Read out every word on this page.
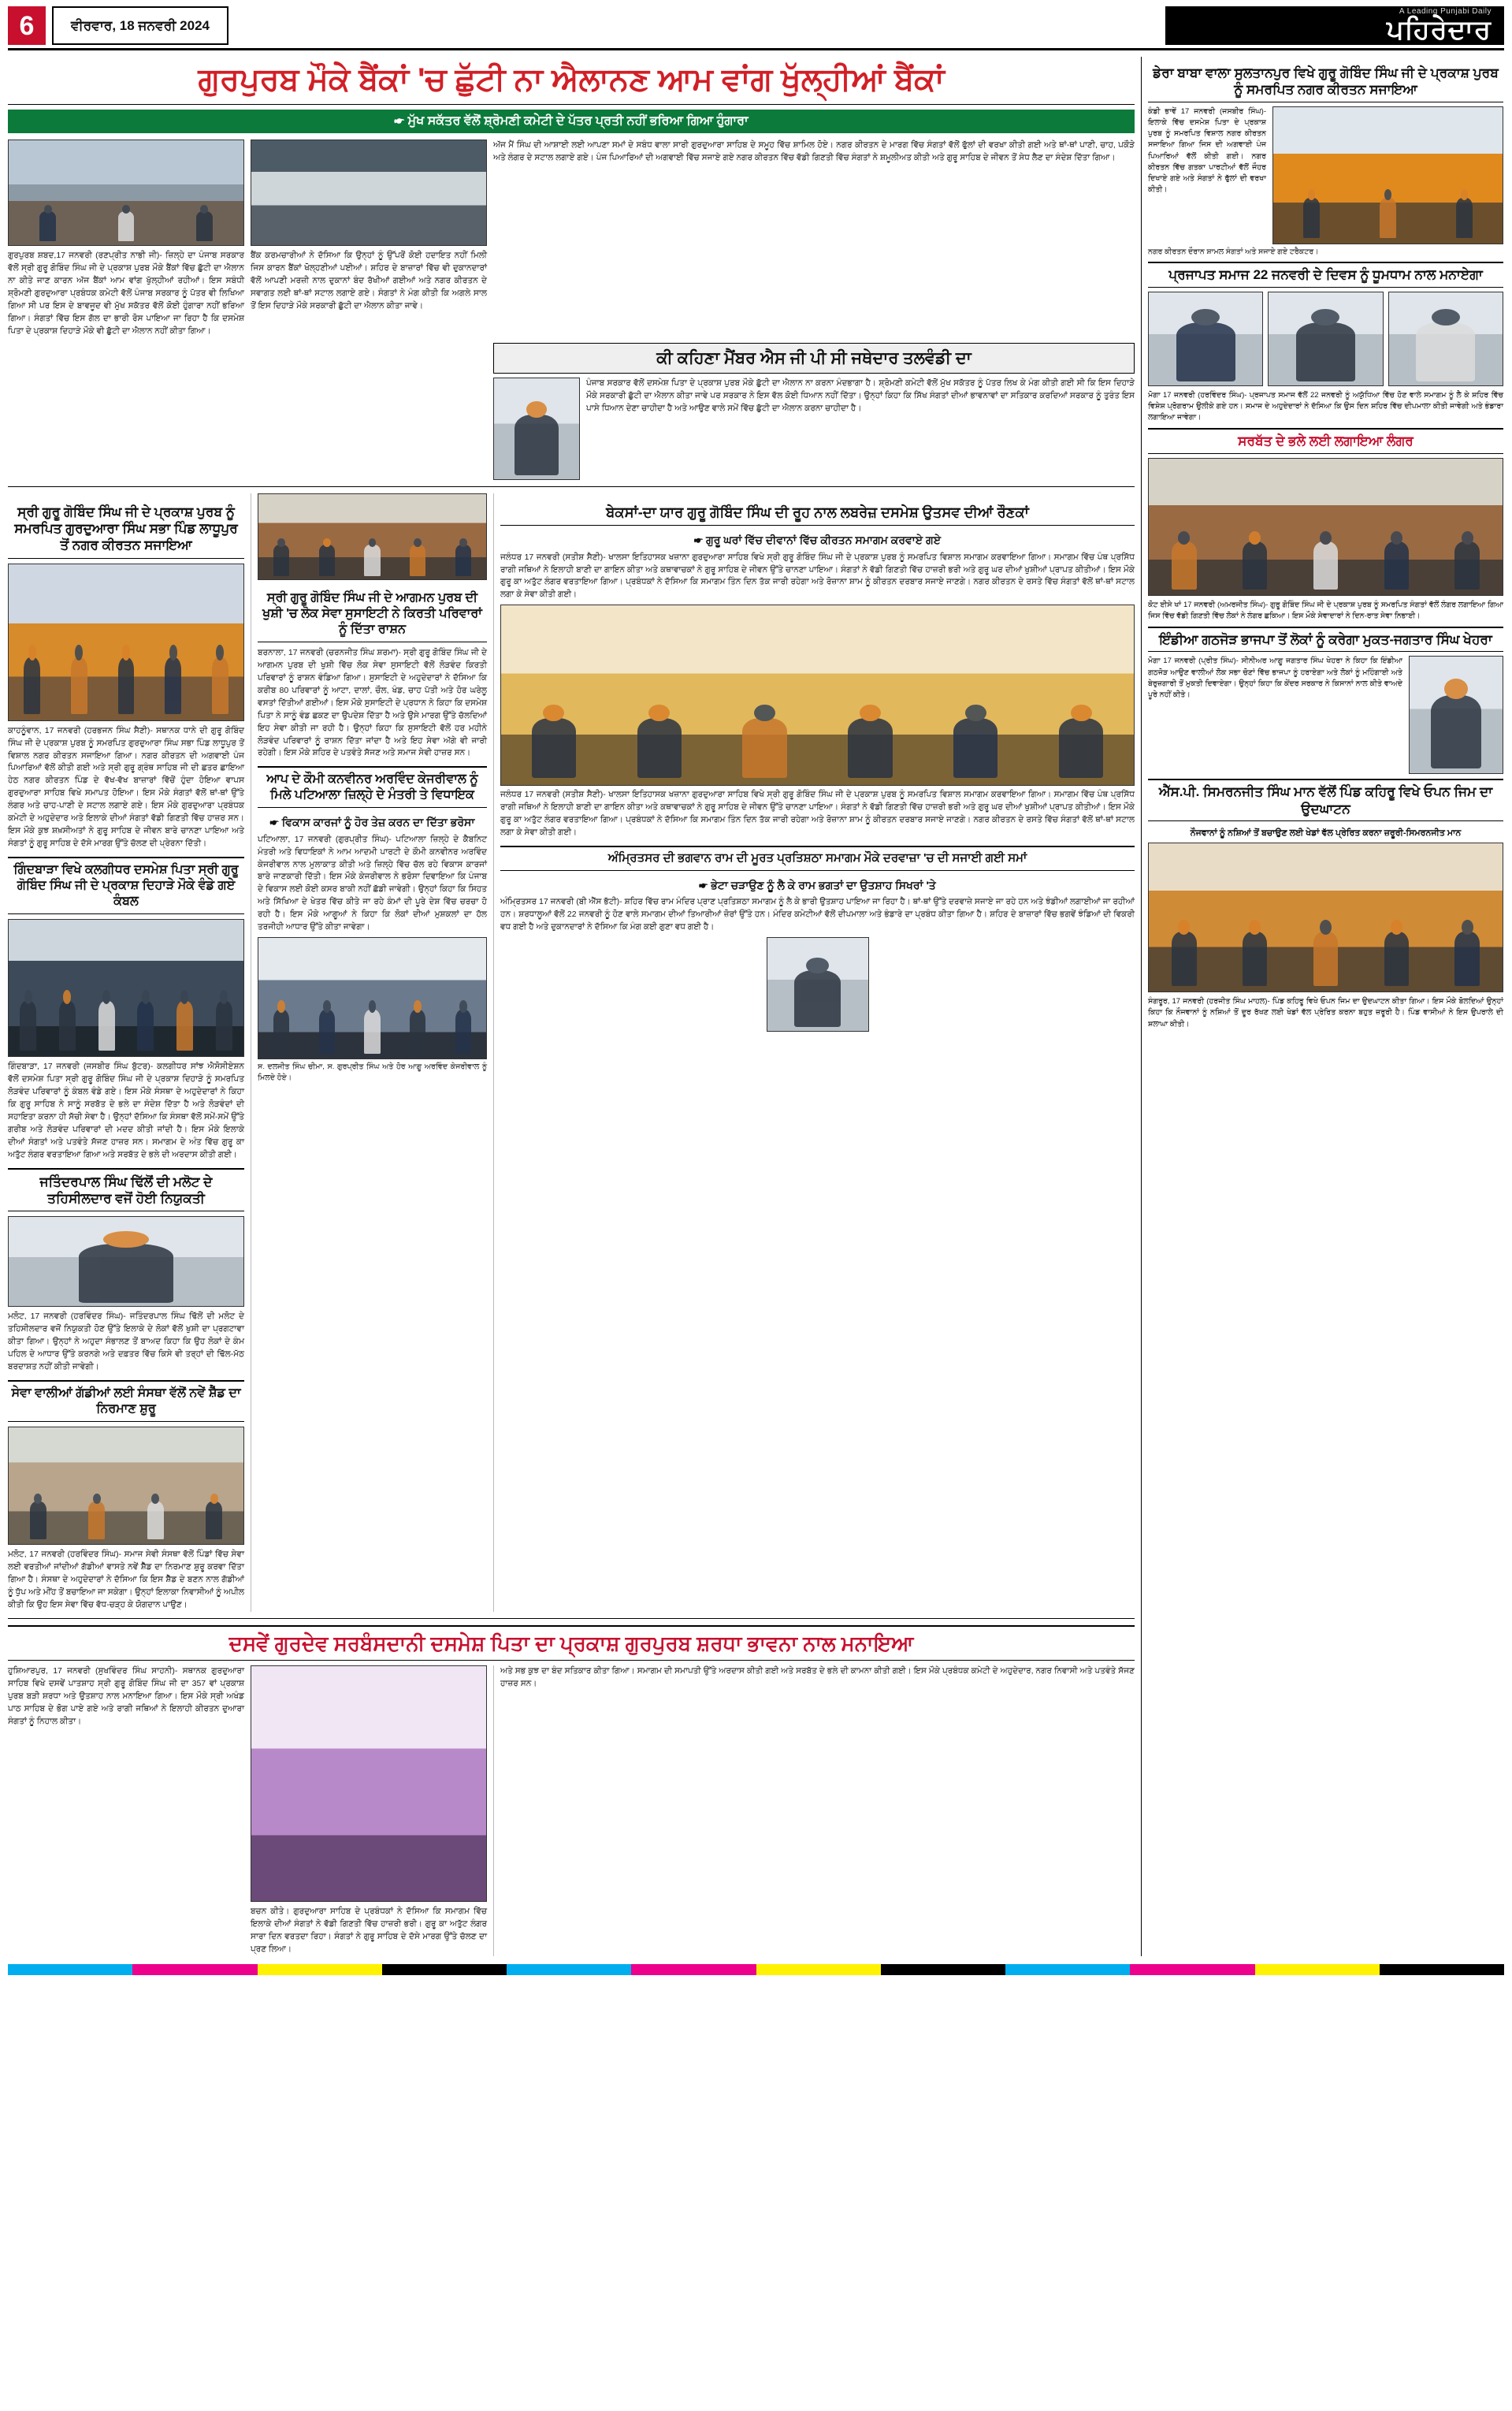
6	ਵੀਰਵਾਰ, 18 ਜਨਵਰੀ 2024
A Leading Punjabi Daily
ਪਹਿਰੇਦਾਰ
ਗੁਰਪੁਰਬ ਮੌਕੇ ਬੈਂਕਾਂ 'ਚ ਛੁੱਟੀ ਨਾ ਐਲਾਨਣ ਆਮ ਵਾਂਗ ਖੁੱਲ੍ਹੀਆਂ ਬੈਂਕਾਂ
☛ ਮੁੱਖ ਸਕੱਤਰ ਵੱਲੋਂ ਸ਼੍ਰੋਮਣੀ ਕਮੇਟੀ ਦੇ ਪੱਤਰ ਪ੍ਰਤੀ ਨਹੀਂ ਭਰਿਆ ਗਿਆ ਹੁੰਗਾਰਾ
ਗੁਰਪੁਰਬ ਸ਼ਬਦ,17 ਜਨਵਰੀ (ਰਣਪ੍ਰੀਤ ਨਾਭੀ ਜੀ)- ਜ਼ਿਲ੍ਹੇ ਦਾ ਪੰਜਾਬ ਸਰਕਾਰ ਵੱਲੋਂ ਸ੍ਰੀ ਗੁਰੂ ਗੋਬਿੰਦ ਸਿੰਘ ਜੀ ਦੇ ਪ੍ਰਕਾਸ਼ ਪੁਰਬ ਮੌਕੇ ਬੈਂਕਾਂ ਵਿੱਚ ਛੁੱਟੀ ਦਾ ਐਲਾਨ ਨਾ ਕੀਤੇ ਜਾਣ ਕਾਰਨ ਅੱਜ ਬੈਂਕਾਂ ਆਮ ਵਾਂਗ ਖੁੱਲ੍ਹੀਆਂ ਰਹੀਆਂ। ਇਸ ਸਬੰਧੀ ਸ਼੍ਰੋਮਣੀ ਗੁਰਦੁਆਰਾ ਪ੍ਰਬੰਧਕ ਕਮੇਟੀ ਵੱਲੋਂ ਪੰਜਾਬ ਸਰਕਾਰ ਨੂੰ ਪੱਤਰ ਵੀ ਲਿਖਿਆ ਗਿਆ ਸੀ ਪਰ ਇਸ ਦੇ ਬਾਵਜੂਦ ਵੀ ਮੁੱਖ ਸਕੱਤਰ ਵੱਲੋਂ ਕੋਈ ਹੁੰਗਾਰਾ ਨਹੀਂ ਭਰਿਆ ਗਿਆ। ਸੰਗਤਾਂ ਵਿੱਚ ਇਸ ਗੱਲ ਦਾ ਭਾਰੀ ਰੋਸ ਪਾਇਆ ਜਾ ਰਿਹਾ ਹੈ ਕਿ ਦਸਮੇਸ਼ ਪਿਤਾ ਦੇ ਪ੍ਰਕਾਸ਼ ਦਿਹਾੜੇ ਮੌਕੇ ਵੀ ਛੁੱਟੀ ਦਾ ਐਲਾਨ ਨਹੀਂ ਕੀਤਾ ਗਿਆ।
ਬੈਂਕ ਕਰਮਚਾਰੀਆਂ ਨੇ ਦੱਸਿਆ ਕਿ ਉਨ੍ਹਾਂ ਨੂੰ ਉੱਪਰੋਂ ਕੋਈ ਹਦਾਇਤ ਨਹੀਂ ਮਿਲੀ ਜਿਸ ਕਾਰਨ ਬੈਂਕਾਂ ਖੋਲ੍ਹਣੀਆਂ ਪਈਆਂ। ਸ਼ਹਿਰ ਦੇ ਬਾਜ਼ਾਰਾਂ ਵਿੱਚ ਵੀ ਦੁਕਾਨਦਾਰਾਂ ਵੱਲੋਂ ਆਪਣੀ ਮਰਜ਼ੀ ਨਾਲ ਦੁਕਾਨਾਂ ਬੰਦ ਰੱਖੀਆਂ ਗਈਆਂ ਅਤੇ ਨਗਰ ਕੀਰਤਨ ਦੇ ਸਵਾਗਤ ਲਈ ਥਾਂ-ਥਾਂ ਸਟਾਲ ਲਗਾਏ ਗਏ। ਸੰਗਤਾਂ ਨੇ ਮੰਗ ਕੀਤੀ ਕਿ ਅਗਲੇ ਸਾਲ ਤੋਂ ਇਸ ਦਿਹਾੜੇ ਮੌਕੇ ਸਰਕਾਰੀ ਛੁੱਟੀ ਦਾ ਐਲਾਨ ਕੀਤਾ ਜਾਵੇ।
ਅੱਜ ਮੈਂ ਸਿੰਘ ਦੀ ਆਸ਼ਾਈ ਲਈ ਆਪਣਾ ਸਮਾਂ ਦੇ ਸਬੰਧ ਵਾਲਾ ਸਾਰੀ ਗੁਰਦੁਆਰਾ ਸਾਹਿਬ ਦੇ ਸਮੂਹ ਵਿੱਚ ਸ਼ਾਮਿਲ ਹੋਏ। ਨਗਰ ਕੀਰਤਨ ਦੇ ਮਾਰਗ ਵਿੱਚ ਸੰਗਤਾਂ ਵੱਲੋਂ ਫੁੱਲਾਂ ਦੀ ਵਰਖਾ ਕੀਤੀ ਗਈ ਅਤੇ ਥਾਂ-ਥਾਂ ਪਾਣੀ, ਚਾਹ, ਪਕੌੜੇ ਅਤੇ ਲੰਗਰ ਦੇ ਸਟਾਲ ਲਗਾਏ ਗਏ। ਪੰਜ ਪਿਆਰਿਆਂ ਦੀ ਅਗਵਾਈ ਵਿੱਚ ਸਜਾਏ ਗਏ ਨਗਰ ਕੀਰਤਨ ਵਿੱਚ ਵੱਡੀ ਗਿਣਤੀ ਵਿੱਚ ਸੰਗਤਾਂ ਨੇ ਸ਼ਮੂਲੀਅਤ ਕੀਤੀ ਅਤੇ ਗੁਰੂ ਸਾਹਿਬ ਦੇ ਜੀਵਨ ਤੋਂ ਸੇਧ ਲੈਣ ਦਾ ਸੰਦੇਸ਼ ਦਿੱਤਾ ਗਿਆ।
ਕੀ ਕਹਿਣਾ ਮੈਂਬਰ ਐਸ ਜੀ ਪੀ ਸੀ ਜਥੇਦਾਰ ਤਲਵੰਡੀ ਦਾ
ਪੰਜਾਬ ਸਰਕਾਰ ਵੱਲੋਂ ਦਸਮੇਸ਼ ਪਿਤਾ ਦੇ ਪ੍ਰਕਾਸ਼ ਪੁਰਬ ਮੌਕੇ ਛੁੱਟੀ ਦਾ ਐਲਾਨ ਨਾ ਕਰਨਾ ਮੰਦਭਾਗਾ ਹੈ। ਸ਼੍ਰੋਮਣੀ ਕਮੇਟੀ ਵੱਲੋਂ ਮੁੱਖ ਸਕੱਤਰ ਨੂੰ ਪੱਤਰ ਲਿਖ ਕੇ ਮੰਗ ਕੀਤੀ ਗਈ ਸੀ ਕਿ ਇਸ ਦਿਹਾੜੇ ਮੌਕੇ ਸਰਕਾਰੀ ਛੁੱਟੀ ਦਾ ਐਲਾਨ ਕੀਤਾ ਜਾਵੇ ਪਰ ਸਰਕਾਰ ਨੇ ਇਸ ਵੱਲ ਕੋਈ ਧਿਆਨ ਨਹੀਂ ਦਿੱਤਾ। ਉਨ੍ਹਾਂ ਕਿਹਾ ਕਿ ਸਿੱਖ ਸੰਗਤਾਂ ਦੀਆਂ ਭਾਵਨਾਵਾਂ ਦਾ ਸਤਿਕਾਰ ਕਰਦਿਆਂ ਸਰਕਾਰ ਨੂੰ ਤੁਰੰਤ ਇਸ ਪਾਸੇ ਧਿਆਨ ਦੇਣਾ ਚਾਹੀਦਾ ਹੈ ਅਤੇ ਆਉਣ ਵਾਲੇ ਸਮੇਂ ਵਿੱਚ ਛੁੱਟੀ ਦਾ ਐਲਾਨ ਕਰਨਾ ਚਾਹੀਦਾ ਹੈ।
ਸ੍ਰੀ ਗੁਰੂ ਗੋਬਿੰਦ ਸਿੰਘ ਜੀ ਦੇ ਪ੍ਰਕਾਸ਼ ਪੁਰਬ ਨੂੰ ਸਮਰਪਿਤ ਗੁਰਦੁਆਰਾ ਸਿੰਘ ਸਭਾ ਪਿੰਡ ਲਾਧੂਪੁਰ ਤੋਂ ਨਗਰ ਕੀਰਤਨ ਸਜਾਇਆ
ਕਾਹਨੂੰਵਾਨ, 17 ਜਨਵਰੀ (ਹਰਭਜਨ ਸਿੰਘ ਸੈਣੀ)- ਸਥਾਨਕ ਧਾਨੇ ਦੀ ਗੁਰੂ ਗੋਬਿੰਦ ਸਿੰਘ ਜੀ ਦੇ ਪ੍ਰਕਾਸ਼ ਪੁਰਬ ਨੂੰ ਸਮਰਪਿਤ ਗੁਰਦੁਆਰਾ ਸਿੰਘ ਸਭਾ ਪਿੰਡ ਲਾਧੂਪੁਰ ਤੋਂ ਵਿਸ਼ਾਲ ਨਗਰ ਕੀਰਤਨ ਸਜਾਇਆ ਗਿਆ। ਨਗਰ ਕੀਰਤਨ ਦੀ ਅਗਵਾਈ ਪੰਜ ਪਿਆਰਿਆਂ ਵੱਲੋਂ ਕੀਤੀ ਗਈ ਅਤੇ ਸ੍ਰੀ ਗੁਰੂ ਗ੍ਰੰਥ ਸਾਹਿਬ ਜੀ ਦੀ ਛਤਰ ਛਾਇਆ ਹੇਠ ਨਗਰ ਕੀਰਤਨ ਪਿੰਡ ਦੇ ਵੱਖ-ਵੱਖ ਬਾਜ਼ਾਰਾਂ ਵਿੱਚੋਂ ਹੁੰਦਾ ਹੋਇਆ ਵਾਪਸ ਗੁਰਦੁਆਰਾ ਸਾਹਿਬ ਵਿਖੇ ਸਮਾਪਤ ਹੋਇਆ। ਇਸ ਮੌਕੇ ਸੰਗਤਾਂ ਵੱਲੋਂ ਥਾਂ-ਥਾਂ ਉੱਤੇ ਲੰਗਰ ਅਤੇ ਚਾਹ-ਪਾਣੀ ਦੇ ਸਟਾਲ ਲਗਾਏ ਗਏ। ਇਸ ਮੌਕੇ ਗੁਰਦੁਆਰਾ ਪ੍ਰਬੰਧਕ ਕਮੇਟੀ ਦੇ ਅਹੁਦੇਦਾਰ ਅਤੇ ਇਲਾਕੇ ਦੀਆਂ ਸੰਗਤਾਂ ਵੱਡੀ ਗਿਣਤੀ ਵਿੱਚ ਹਾਜ਼ਰ ਸਨ। ਇਸ ਮੌਕੇ ਕੁਝ ਸ਼ਖ਼ਸੀਅਤਾਂ ਨੇ ਗੁਰੂ ਸਾਹਿਬ ਦੇ ਜੀਵਨ ਬਾਰੇ ਚਾਨਣਾ ਪਾਇਆ ਅਤੇ ਸੰਗਤਾਂ ਨੂੰ ਗੁਰੂ ਸਾਹਿਬ ਦੇ ਦੱਸੇ ਮਾਰਗ ਉੱਤੇ ਚੱਲਣ ਦੀ ਪ੍ਰੇਰਨਾ ਦਿੱਤੀ।
ਗਿੰਦਬਾੜਾ ਵਿਖੇ ਕਲਗੀਧਰ ਦਸਮੇਸ਼ ਪਿਤਾ ਸ੍ਰੀ ਗੁਰੂ ਗੋਬਿੰਦ ਸਿੰਘ ਜੀ ਦੇ ਪ੍ਰਕਾਸ਼ ਦਿਹਾੜੇ ਮੌਕੇ ਵੰਡੇ ਗਏ ਕੰਬਲ
ਗਿੰਦਬਾੜਾ, 17 ਜਨਵਰੀ (ਜਸਬੀਰ ਸਿੰਘ ਬੁੱਟਰ)- ਕਲਗੀਧਰ ਸਾਂਝ ਐਸੋਸੀਏਸ਼ਨ ਵੱਲੋਂ ਦਸਮੇਸ਼ ਪਿਤਾ ਸ੍ਰੀ ਗੁਰੂ ਗੋਬਿੰਦ ਸਿੰਘ ਜੀ ਦੇ ਪ੍ਰਕਾਸ਼ ਦਿਹਾੜੇ ਨੂੰ ਸਮਰਪਿਤ ਲੋੜਵੰਦ ਪਰਿਵਾਰਾਂ ਨੂੰ ਕੰਬਲ ਵੰਡੇ ਗਏ। ਇਸ ਮੌਕੇ ਸੰਸਥਾ ਦੇ ਅਹੁਦੇਦਾਰਾਂ ਨੇ ਕਿਹਾ ਕਿ ਗੁਰੂ ਸਾਹਿਬ ਨੇ ਸਾਨੂੰ ਸਰਬੱਤ ਦੇ ਭਲੇ ਦਾ ਸੰਦੇਸ਼ ਦਿੱਤਾ ਹੈ ਅਤੇ ਲੋੜਵੰਦਾਂ ਦੀ ਸਹਾਇਤਾ ਕਰਨਾ ਹੀ ਸੱਚੀ ਸੇਵਾ ਹੈ। ਉਨ੍ਹਾਂ ਦੱਸਿਆ ਕਿ ਸੰਸਥਾ ਵੱਲੋਂ ਸਮੇਂ-ਸਮੇਂ ਉੱਤੇ ਗਰੀਬ ਅਤੇ ਲੋੜਵੰਦ ਪਰਿਵਾਰਾਂ ਦੀ ਮਦਦ ਕੀਤੀ ਜਾਂਦੀ ਹੈ। ਇਸ ਮੌਕੇ ਇਲਾਕੇ ਦੀਆਂ ਸੰਗਤਾਂ ਅਤੇ ਪਤਵੰਤੇ ਸੱਜਣ ਹਾਜ਼ਰ ਸਨ। ਸਮਾਗਮ ਦੇ ਅੰਤ ਵਿੱਚ ਗੁਰੂ ਕਾ ਅਤੁੱਟ ਲੰਗਰ ਵਰਤਾਇਆ ਗਿਆ ਅਤੇ ਸਰਬੱਤ ਦੇ ਭਲੇ ਦੀ ਅਰਦਾਸ ਕੀਤੀ ਗਈ।
ਜਤਿੰਦਰਪਾਲ ਸਿੰਘ ਢਿੱਲੋਂ ਦੀ ਮਲੋਟ ਦੇ ਤਹਿਸੀਲਦਾਰ ਵਜੋਂ ਹੋਈ ਨਿਯੁਕਤੀ
ਮਲੋਟ, 17 ਜਨਵਰੀ (ਹਰਵਿੰਦਰ ਸਿੰਘ)- ਜਤਿੰਦਰਪਾਲ ਸਿੰਘ ਢਿੱਲੋਂ ਦੀ ਮਲੋਟ ਦੇ ਤਹਿਸੀਲਦਾਰ ਵਜੋਂ ਨਿਯੁਕਤੀ ਹੋਣ ਉੱਤੇ ਇਲਾਕੇ ਦੇ ਲੋਕਾਂ ਵੱਲੋਂ ਖੁਸ਼ੀ ਦਾ ਪ੍ਰਗਟਾਵਾ ਕੀਤਾ ਗਿਆ। ਉਨ੍ਹਾਂ ਨੇ ਅਹੁਦਾ ਸੰਭਾਲਣ ਤੋਂ ਬਾਅਦ ਕਿਹਾ ਕਿ ਉਹ ਲੋਕਾਂ ਦੇ ਕੰਮ ਪਹਿਲ ਦੇ ਆਧਾਰ ਉੱਤੇ ਕਰਨਗੇ ਅਤੇ ਦਫ਼ਤਰ ਵਿੱਚ ਕਿਸੇ ਵੀ ਤਰ੍ਹਾਂ ਦੀ ਢਿੱਲ-ਮੱਠ ਬਰਦਾਸ਼ਤ ਨਹੀਂ ਕੀਤੀ ਜਾਵੇਗੀ।
ਸੇਵਾ ਵਾਲੀਆਂ ਗੱਡੀਆਂ ਲਈ ਸੰਸਥਾ ਵੱਲੋਂ ਨਵੇਂ ਸ਼ੈੱਡ ਦਾ ਨਿਰਮਾਣ ਸ਼ੁਰੂ
ਮਲੋਟ, 17 ਜਨਵਰੀ (ਹਰਵਿੰਦਰ ਸਿੰਘ)- ਸਮਾਜ ਸੇਵੀ ਸੰਸਥਾ ਵੱਲੋਂ ਪਿੰਡਾਂ ਵਿੱਚ ਸੇਵਾ ਲਈ ਵਰਤੀਆਂ ਜਾਂਦੀਆਂ ਗੱਡੀਆਂ ਵਾਸਤੇ ਨਵੇਂ ਸ਼ੈੱਡ ਦਾ ਨਿਰਮਾਣ ਸ਼ੁਰੂ ਕਰਵਾ ਦਿੱਤਾ ਗਿਆ ਹੈ। ਸੰਸਥਾ ਦੇ ਅਹੁਦੇਦਾਰਾਂ ਨੇ ਦੱਸਿਆ ਕਿ ਇਸ ਸ਼ੈੱਡ ਦੇ ਬਣਨ ਨਾਲ ਗੱਡੀਆਂ ਨੂੰ ਧੁੱਪ ਅਤੇ ਮੀਂਹ ਤੋਂ ਬਚਾਇਆ ਜਾ ਸਕੇਗਾ। ਉਨ੍ਹਾਂ ਇਲਾਕਾ ਨਿਵਾਸੀਆਂ ਨੂੰ ਅਪੀਲ ਕੀਤੀ ਕਿ ਉਹ ਇਸ ਸੇਵਾ ਵਿੱਚ ਵੱਧ-ਚੜ੍ਹ ਕੇ ਯੋਗਦਾਨ ਪਾਉਣ।
ਸ੍ਰੀ ਗੁਰੂ ਗੋਬਿੰਦ ਸਿੰਘ ਜੀ ਦੇ ਆਗਮਨ ਪੁਰਬ ਦੀ ਖੁਸ਼ੀ 'ਚ ਲੋਕ ਸੇਵਾ ਸੁਸਾਇਟੀ ਨੇ ਕਿਰਤੀ ਪਰਿਵਾਰਾਂ ਨੂੰ ਦਿੱਤਾ ਰਾਸ਼ਨ
ਬਰਨਾਲਾ, 17 ਜਨਵਰੀ (ਚਰਨਜੀਤ ਸਿੰਘ ਸ਼ਰਮਾ)- ਸ੍ਰੀ ਗੁਰੂ ਗੋਬਿੰਦ ਸਿੰਘ ਜੀ ਦੇ ਆਗਮਨ ਪੁਰਬ ਦੀ ਖੁਸ਼ੀ ਵਿੱਚ ਲੋਕ ਸੇਵਾ ਸੁਸਾਇਟੀ ਵੱਲੋਂ ਲੋੜਵੰਦ ਕਿਰਤੀ ਪਰਿਵਾਰਾਂ ਨੂੰ ਰਾਸ਼ਨ ਵੰਡਿਆ ਗਿਆ। ਸੁਸਾਇਟੀ ਦੇ ਅਹੁਦੇਦਾਰਾਂ ਨੇ ਦੱਸਿਆ ਕਿ ਕਰੀਬ 80 ਪਰਿਵਾਰਾਂ ਨੂੰ ਆਟਾ, ਦਾਲਾਂ, ਚੌਲ, ਖੰਡ, ਚਾਹ ਪੱਤੀ ਅਤੇ ਹੋਰ ਘਰੇਲੂ ਵਸਤਾਂ ਦਿੱਤੀਆਂ ਗਈਆਂ। ਇਸ ਮੌਕੇ ਸੁਸਾਇਟੀ ਦੇ ਪ੍ਰਧਾਨ ਨੇ ਕਿਹਾ ਕਿ ਦਸਮੇਸ਼ ਪਿਤਾ ਨੇ ਸਾਨੂੰ ਵੰਡ ਛਕਣ ਦਾ ਉਪਦੇਸ਼ ਦਿੱਤਾ ਹੈ ਅਤੇ ਉਸੇ ਮਾਰਗ ਉੱਤੇ ਚੱਲਦਿਆਂ ਇਹ ਸੇਵਾ ਕੀਤੀ ਜਾ ਰਹੀ ਹੈ। ਉਨ੍ਹਾਂ ਕਿਹਾ ਕਿ ਸੁਸਾਇਟੀ ਵੱਲੋਂ ਹਰ ਮਹੀਨੇ ਲੋੜਵੰਦ ਪਰਿਵਾਰਾਂ ਨੂੰ ਰਾਸ਼ਨ ਦਿੱਤਾ ਜਾਂਦਾ ਹੈ ਅਤੇ ਇਹ ਸੇਵਾ ਅੱਗੇ ਵੀ ਜਾਰੀ ਰਹੇਗੀ। ਇਸ ਮੌਕੇ ਸ਼ਹਿਰ ਦੇ ਪਤਵੰਤੇ ਸੱਜਣ ਅਤੇ ਸਮਾਜ ਸੇਵੀ ਹਾਜ਼ਰ ਸਨ।
ਆਪ ਦੇ ਕੌਮੀ ਕਨਵੀਨਰ ਅਰਵਿੰਦ ਕੇਜਰੀਵਾਲ ਨੂੰ ਮਿਲੇ ਪਟਿਆਲਾ ਜ਼ਿਲ੍ਹੇ ਦੇ ਮੰਤਰੀ ਤੇ ਵਿਧਾਇਕ
☛ ਵਿਕਾਸ ਕਾਰਜਾਂ ਨੂੰ ਹੋਰ ਤੇਜ਼ ਕਰਨ ਦਾ ਦਿੱਤਾ ਭਰੋਸਾ
ਪਟਿਆਲਾ, 17 ਜਨਵਰੀ (ਗੁਰਪ੍ਰੀਤ ਸਿੰਘ)- ਪਟਿਆਲਾ ਜ਼ਿਲ੍ਹੇ ਦੇ ਕੈਬਨਿਟ ਮੰਤਰੀ ਅਤੇ ਵਿਧਾਇਕਾਂ ਨੇ ਆਮ ਆਦਮੀ ਪਾਰਟੀ ਦੇ ਕੌਮੀ ਕਨਵੀਨਰ ਅਰਵਿੰਦ ਕੇਜਰੀਵਾਲ ਨਾਲ ਮੁਲਾਕਾਤ ਕੀਤੀ ਅਤੇ ਜ਼ਿਲ੍ਹੇ ਵਿੱਚ ਚੱਲ ਰਹੇ ਵਿਕਾਸ ਕਾਰਜਾਂ ਬਾਰੇ ਜਾਣਕਾਰੀ ਦਿੱਤੀ। ਇਸ ਮੌਕੇ ਕੇਜਰੀਵਾਲ ਨੇ ਭਰੋਸਾ ਦਿਵਾਇਆ ਕਿ ਪੰਜਾਬ ਦੇ ਵਿਕਾਸ ਲਈ ਕੋਈ ਕਸਰ ਬਾਕੀ ਨਹੀਂ ਛੱਡੀ ਜਾਵੇਗੀ। ਉਨ੍ਹਾਂ ਕਿਹਾ ਕਿ ਸਿਹਤ ਅਤੇ ਸਿੱਖਿਆ ਦੇ ਖੇਤਰ ਵਿੱਚ ਕੀਤੇ ਜਾ ਰਹੇ ਕੰਮਾਂ ਦੀ ਪੂਰੇ ਦੇਸ਼ ਵਿੱਚ ਚਰਚਾ ਹੋ ਰਹੀ ਹੈ। ਇਸ ਮੌਕੇ ਆਗੂਆਂ ਨੇ ਕਿਹਾ ਕਿ ਲੋਕਾਂ ਦੀਆਂ ਮੁਸ਼ਕਲਾਂ ਦਾ ਹੱਲ ਤਰਜੀਹੀ ਆਧਾਰ ਉੱਤੇ ਕੀਤਾ ਜਾਵੇਗਾ।
ਸ. ਦਲਜੀਤ ਸਿੰਘ ਚੀਮਾ, ਸ. ਗੁਰਪ੍ਰੀਤ ਸਿੰਘ ਅਤੇ ਹੋਰ ਆਗੂ ਅਰਵਿੰਦ ਕੇਜਰੀਵਾਲ ਨੂੰ ਮਿਲਦੇ ਹੋਏ।
ਬੇਕਸਾਂ-ਦਾ ਯਾਰ ਗੁਰੂ ਗੋਬਿੰਦ ਸਿੰਘ ਦੀ ਰੂਹ ਨਾਲ ਲਬਰੇਜ਼ ਦਸਮੇਸ਼ ਉਤਸਵ ਦੀਆਂ ਰੌਣਕਾਂ
☛ ਗੁਰੂ ਘਰਾਂ ਵਿੱਚ ਦੀਵਾਨਾਂ ਵਿੱਚ ਕੀਰਤਨ ਸਮਾਗਮ ਕਰਵਾਏ ਗਏ
ਜਲੰਧਰ 17 ਜਨਵਰੀ (ਸਤੀਸ਼ ਸੈਣੀ)- ਖਾਲਸਾ ਇਤਿਹਾਸਕ ਖਜ਼ਾਨਾ ਗੁਰਦੁਆਰਾ ਸਾਹਿਬ ਵਿਖੇ ਸ੍ਰੀ ਗੁਰੂ ਗੋਬਿੰਦ ਸਿੰਘ ਜੀ ਦੇ ਪ੍ਰਕਾਸ਼ ਪੁਰਬ ਨੂੰ ਸਮਰਪਿਤ ਵਿਸ਼ਾਲ ਸਮਾਗਮ ਕਰਵਾਇਆ ਗਿਆ। ਸਮਾਗਮ ਵਿੱਚ ਪੰਥ ਪ੍ਰਸਿੱਧ ਰਾਗੀ ਜਥਿਆਂ ਨੇ ਇਲਾਹੀ ਬਾਣੀ ਦਾ ਗਾਇਨ ਕੀਤਾ ਅਤੇ ਕਥਾਵਾਚਕਾਂ ਨੇ ਗੁਰੂ ਸਾਹਿਬ ਦੇ ਜੀਵਨ ਉੱਤੇ ਚਾਨਣਾ ਪਾਇਆ। ਸੰਗਤਾਂ ਨੇ ਵੱਡੀ ਗਿਣਤੀ ਵਿੱਚ ਹਾਜ਼ਰੀ ਭਰੀ ਅਤੇ ਗੁਰੂ ਘਰ ਦੀਆਂ ਖੁਸ਼ੀਆਂ ਪ੍ਰਾਪਤ ਕੀਤੀਆਂ। ਇਸ ਮੌਕੇ ਗੁਰੂ ਕਾ ਅਤੁੱਟ ਲੰਗਰ ਵਰਤਾਇਆ ਗਿਆ। ਪ੍ਰਬੰਧਕਾਂ ਨੇ ਦੱਸਿਆ ਕਿ ਸਮਾਗਮ ਤਿੰਨ ਦਿਨ ਤੱਕ ਜਾਰੀ ਰਹੇਗਾ ਅਤੇ ਰੋਜ਼ਾਨਾ ਸ਼ਾਮ ਨੂੰ ਕੀਰਤਨ ਦਰਬਾਰ ਸਜਾਏ ਜਾਣਗੇ। ਨਗਰ ਕੀਰਤਨ ਦੇ ਰਸਤੇ ਵਿੱਚ ਸੰਗਤਾਂ ਵੱਲੋਂ ਥਾਂ-ਥਾਂ ਸਟਾਲ ਲਗਾ ਕੇ ਸੇਵਾ ਕੀਤੀ ਗਈ।
ਜਲੰਧਰ 17 ਜਨਵਰੀ (ਸਤੀਸ਼ ਸੈਣੀ)- ਖਾਲਸਾ ਇਤਿਹਾਸਕ ਖਜ਼ਾਨਾ ਗੁਰਦੁਆਰਾ ਸਾਹਿਬ ਵਿਖੇ ਸ੍ਰੀ ਗੁਰੂ ਗੋਬਿੰਦ ਸਿੰਘ ਜੀ ਦੇ ਪ੍ਰਕਾਸ਼ ਪੁਰਬ ਨੂੰ ਸਮਰਪਿਤ ਵਿਸ਼ਾਲ ਸਮਾਗਮ ਕਰਵਾਇਆ ਗਿਆ। ਸਮਾਗਮ ਵਿੱਚ ਪੰਥ ਪ੍ਰਸਿੱਧ ਰਾਗੀ ਜਥਿਆਂ ਨੇ ਇਲਾਹੀ ਬਾਣੀ ਦਾ ਗਾਇਨ ਕੀਤਾ ਅਤੇ ਕਥਾਵਾਚਕਾਂ ਨੇ ਗੁਰੂ ਸਾਹਿਬ ਦੇ ਜੀਵਨ ਉੱਤੇ ਚਾਨਣਾ ਪਾਇਆ। ਸੰਗਤਾਂ ਨੇ ਵੱਡੀ ਗਿਣਤੀ ਵਿੱਚ ਹਾਜ਼ਰੀ ਭਰੀ ਅਤੇ ਗੁਰੂ ਘਰ ਦੀਆਂ ਖੁਸ਼ੀਆਂ ਪ੍ਰਾਪਤ ਕੀਤੀਆਂ। ਇਸ ਮੌਕੇ ਗੁਰੂ ਕਾ ਅਤੁੱਟ ਲੰਗਰ ਵਰਤਾਇਆ ਗਿਆ। ਪ੍ਰਬੰਧਕਾਂ ਨੇ ਦੱਸਿਆ ਕਿ ਸਮਾਗਮ ਤਿੰਨ ਦਿਨ ਤੱਕ ਜਾਰੀ ਰਹੇਗਾ ਅਤੇ ਰੋਜ਼ਾਨਾ ਸ਼ਾਮ ਨੂੰ ਕੀਰਤਨ ਦਰਬਾਰ ਸਜਾਏ ਜਾਣਗੇ। ਨਗਰ ਕੀਰਤਨ ਦੇ ਰਸਤੇ ਵਿੱਚ ਸੰਗਤਾਂ ਵੱਲੋਂ ਥਾਂ-ਥਾਂ ਸਟਾਲ ਲਗਾ ਕੇ ਸੇਵਾ ਕੀਤੀ ਗਈ।
ਅੰਮ੍ਰਿਤਸਰ ਦੀ ਭਗਵਾਨ ਰਾਮ ਦੀ ਮੂਰਤ ਪ੍ਰਤਿਸ਼ਠਾ ਸਮਾਗਮ ਮੌਕੇ ਦਰਵਾਜ਼ਾ 'ਚ ਦੀ ਸਜਾਈ ਗਈ ਸਮਾਂ
☛ ਭੇਟਾ ਚੜਾਉਣ ਨੂੰ ਲੈ ਕੇ ਰਾਮ ਭਗਤਾਂ ਦਾ ਉਤਸ਼ਾਹ ਸਿਖਰਾਂ 'ਤੇ
ਅੰਮ੍ਰਿਤਸਰ 17 ਜਨਵਰੀ (ਬੀ ਐੱਸ ਭੱਟੀ)- ਸ਼ਹਿਰ ਵਿੱਚ ਰਾਮ ਮੰਦਿਰ ਪ੍ਰਾਣ ਪ੍ਰਤਿਸ਼ਠਾ ਸਮਾਗਮ ਨੂੰ ਲੈ ਕੇ ਭਾਰੀ ਉਤਸ਼ਾਹ ਪਾਇਆ ਜਾ ਰਿਹਾ ਹੈ। ਥਾਂ-ਥਾਂ ਉੱਤੇ ਦਰਵਾਜ਼ੇ ਸਜਾਏ ਜਾ ਰਹੇ ਹਨ ਅਤੇ ਝੰਡੀਆਂ ਲਗਾਈਆਂ ਜਾ ਰਹੀਆਂ ਹਨ। ਸ਼ਰਧਾਲੂਆਂ ਵੱਲੋਂ 22 ਜਨਵਰੀ ਨੂੰ ਹੋਣ ਵਾਲੇ ਸਮਾਗਮ ਦੀਆਂ ਤਿਆਰੀਆਂ ਜ਼ੋਰਾਂ ਉੱਤੇ ਹਨ। ਮੰਦਿਰ ਕਮੇਟੀਆਂ ਵੱਲੋਂ ਦੀਪਮਾਲਾ ਅਤੇ ਭੰਡਾਰੇ ਦਾ ਪ੍ਰਬੰਧ ਕੀਤਾ ਗਿਆ ਹੈ। ਸ਼ਹਿਰ ਦੇ ਬਾਜ਼ਾਰਾਂ ਵਿੱਚ ਭਗਵੇਂ ਝੰਡਿਆਂ ਦੀ ਵਿਕਰੀ ਵਧ ਗਈ ਹੈ ਅਤੇ ਦੁਕਾਨਦਾਰਾਂ ਨੇ ਦੱਸਿਆ ਕਿ ਮੰਗ ਕਈ ਗੁਣਾ ਵਧ ਗਈ ਹੈ।
ਦਸਵੇਂ ਗੁਰਦੇਵ ਸਰਬੰਸਦਾਨੀ ਦਸਮੇਸ਼ ਪਿਤਾ ਦਾ ਪ੍ਰਕਾਸ਼ ਗੁਰਪੁਰਬ ਸ਼ਰਧਾ ਭਾਵਨਾ ਨਾਲ ਮਨਾਇਆ
ਹੁਸ਼ਿਆਰਪੁਰ, 17 ਜਨਵਰੀ (ਸੁਖਵਿੰਦਰ ਸਿੰਘ ਸਾਹਨੀ)- ਸਥਾਨਕ ਗੁਰਦੁਆਰਾ ਸਾਹਿਬ ਵਿਖੇ ਦਸਵੇਂ ਪਾਤਸ਼ਾਹ ਸ੍ਰੀ ਗੁਰੂ ਗੋਬਿੰਦ ਸਿੰਘ ਜੀ ਦਾ 357 ਵਾਂ ਪ੍ਰਕਾਸ਼ ਪੁਰਬ ਬੜੀ ਸ਼ਰਧਾ ਅਤੇ ਉਤਸ਼ਾਹ ਨਾਲ ਮਨਾਇਆ ਗਿਆ। ਇਸ ਮੌਕੇ ਸ੍ਰੀ ਅਖੰਡ ਪਾਠ ਸਾਹਿਬ ਦੇ ਭੋਗ ਪਾਏ ਗਏ ਅਤੇ ਰਾਗੀ ਜਥਿਆਂ ਨੇ ਇਲਾਹੀ ਕੀਰਤਨ ਦੁਆਰਾ ਸੰਗਤਾਂ ਨੂੰ ਨਿਹਾਲ ਕੀਤਾ।
ਬਚਨ ਕੀਤੇ। ਗੁਰਦੁਆਰਾ ਸਾਹਿਬ ਦੇ ਪ੍ਰਬੰਧਕਾਂ ਨੇ ਦੱਸਿਆ ਕਿ ਸਮਾਗਮ ਵਿੱਚ ਇਲਾਕੇ ਦੀਆਂ ਸੰਗਤਾਂ ਨੇ ਵੱਡੀ ਗਿਣਤੀ ਵਿੱਚ ਹਾਜ਼ਰੀ ਭਰੀ। ਗੁਰੂ ਕਾ ਅਤੁੱਟ ਲੰਗਰ ਸਾਰਾ ਦਿਨ ਵਰਤਦਾ ਰਿਹਾ। ਸੰਗਤਾਂ ਨੇ ਗੁਰੂ ਸਾਹਿਬ ਦੇ ਦੱਸੇ ਮਾਰਗ ਉੱਤੇ ਚੱਲਣ ਦਾ ਪ੍ਰਣ ਲਿਆ।
ਅਤੇ ਸਭ ਕੁਝ ਦਾ ਬੰਦ ਸਤਿਕਾਰ ਕੀਤਾ ਗਿਆ। ਸਮਾਗਮ ਦੀ ਸਮਾਪਤੀ ਉੱਤੇ ਅਰਦਾਸ ਕੀਤੀ ਗਈ ਅਤੇ ਸਰਬੱਤ ਦੇ ਭਲੇ ਦੀ ਕਾਮਨਾ ਕੀਤੀ ਗਈ। ਇਸ ਮੌਕੇ ਪ੍ਰਬੰਧਕ ਕਮੇਟੀ ਦੇ ਅਹੁਦੇਦਾਰ, ਨਗਰ ਨਿਵਾਸੀ ਅਤੇ ਪਤਵੰਤੇ ਸੱਜਣ ਹਾਜ਼ਰ ਸਨ।
ਡੇਰਾ ਬਾਬਾ ਵਾਲਾ ਸੁਲਤਾਨਪੁਰ ਵਿਖੇ ਗੁਰੂ ਗੋਬਿੰਦ ਸਿੰਘ ਜੀ ਦੇ ਪ੍ਰਕਾਸ਼ ਪੁਰਬ ਨੂੰ ਸਮਰਪਿਤ ਨਗਰ ਕੀਰਤਨ ਸਜਾਇਆ
ਕੰਡੀ ਭਾਵੇਂ 17 ਜਨਵਰੀ (ਜਸਬੀਰ ਸਿੰਘ)- ਇਲਾਕੇ ਵਿੱਚ ਦਸਮੇਸ਼ ਪਿਤਾ ਦੇ ਪ੍ਰਕਾਸ਼ ਪੁਰਬ ਨੂੰ ਸਮਰਪਿਤ ਵਿਸ਼ਾਲ ਨਗਰ ਕੀਰਤਨ ਸਜਾਇਆ ਗਿਆ ਜਿਸ ਦੀ ਅਗਵਾਈ ਪੰਜ ਪਿਆਰਿਆਂ ਵੱਲੋਂ ਕੀਤੀ ਗਈ। ਨਗਰ ਕੀਰਤਨ ਵਿੱਚ ਗਤਕਾ ਪਾਰਟੀਆਂ ਵੱਲੋਂ ਜੌਹਰ ਦਿਖਾਏ ਗਏ ਅਤੇ ਸੰਗਤਾਂ ਨੇ ਫੁੱਲਾਂ ਦੀ ਵਰਖਾ ਕੀਤੀ।
ਨਗਰ ਕੀਰਤਨ ਦੌਰਾਨ ਸ਼ਾਮਲ ਸੰਗਤਾਂ ਅਤੇ ਸਜਾਏ ਗਏ ਟਰੈਕਟਰ।
ਪ੍ਰਜਾਪਤ ਸਮਾਜ 22 ਜਨਵਰੀ ਦੇ ਦਿਵਸ ਨੂੰ ਧੂਮਧਾਮ ਨਾਲ ਮਨਾਏਗਾ
ਮੋਗਾ 17 ਜਨਵਰੀ (ਹਰਵਿੰਦਰ ਸਿੰਘ)- ਪ੍ਰਜਾਪਤ ਸਮਾਜ ਵੱਲੋਂ 22 ਜਨਵਰੀ ਨੂੰ ਅਯੁੱਧਿਆ ਵਿੱਚ ਹੋਣ ਵਾਲੇ ਸਮਾਗਮ ਨੂੰ ਲੈ ਕੇ ਸ਼ਹਿਰ ਵਿੱਚ ਵਿਸ਼ੇਸ਼ ਪ੍ਰੋਗਰਾਮ ਉਲੀਕੇ ਗਏ ਹਨ। ਸਮਾਜ ਦੇ ਅਹੁਦੇਦਾਰਾਂ ਨੇ ਦੱਸਿਆ ਕਿ ਉਸ ਦਿਨ ਸ਼ਹਿਰ ਵਿੱਚ ਦੀਪਮਾਲਾ ਕੀਤੀ ਜਾਵੇਗੀ ਅਤੇ ਭੰਡਾਰਾ ਲਗਾਇਆ ਜਾਵੇਗਾ।
ਸਰਬੱਤ ਦੇ ਭਲੇ ਲਈ ਲਗਾਇਆ ਲੰਗਰ
ਕੋਟ ਈਸੇ ਖਾਂ 17 ਜਨਵਰੀ (ਅਮਰਜੀਤ ਸਿੰਘ)- ਗੁਰੂ ਗੋਬਿੰਦ ਸਿੰਘ ਜੀ ਦੇ ਪ੍ਰਕਾਸ਼ ਪੁਰਬ ਨੂੰ ਸਮਰਪਿਤ ਸੰਗਤਾਂ ਵੱਲੋਂ ਲੰਗਰ ਲਗਾਇਆ ਗਿਆ ਜਿਸ ਵਿੱਚ ਵੱਡੀ ਗਿਣਤੀ ਵਿੱਚ ਲੋਕਾਂ ਨੇ ਲੰਗਰ ਛਕਿਆ। ਇਸ ਮੌਕੇ ਸੇਵਾਦਾਰਾਂ ਨੇ ਦਿਨ-ਰਾਤ ਸੇਵਾ ਨਿਭਾਈ।
ਇੰਡੀਆ ਗਠਜੋੜ ਭਾਜਪਾ ਤੋਂ ਲੋਕਾਂ ਨੂੰ ਕਰੇਗਾ ਮੁਕਤ-ਜਗਤਾਰ ਸਿੰਘ ਖੇਹਰਾ
ਮੋਗਾ 17 ਜਨਵਰੀ (ਪ੍ਰੀਤ ਸਿੰਘ)- ਸੀਨੀਅਰ ਆਗੂ ਜਗਤਾਰ ਸਿੰਘ ਖੇਹਰਾ ਨੇ ਕਿਹਾ ਕਿ ਇੰਡੀਆ ਗਠਜੋੜ ਆਉਣ ਵਾਲੀਆਂ ਲੋਕ ਸਭਾ ਚੋਣਾਂ ਵਿੱਚ ਭਾਜਪਾ ਨੂੰ ਹਰਾਏਗਾ ਅਤੇ ਲੋਕਾਂ ਨੂੰ ਮਹਿੰਗਾਈ ਅਤੇ ਬੇਰੁਜ਼ਗਾਰੀ ਤੋਂ ਮੁਕਤੀ ਦਿਵਾਏਗਾ। ਉਨ੍ਹਾਂ ਕਿਹਾ ਕਿ ਕੇਂਦਰ ਸਰਕਾਰ ਨੇ ਕਿਸਾਨਾਂ ਨਾਲ ਕੀਤੇ ਵਾਅਦੇ ਪੂਰੇ ਨਹੀਂ ਕੀਤੇ।
ਐੱਸ.ਪੀ. ਸਿਮਰਨਜੀਤ ਸਿੰਘ ਮਾਨ ਵੱਲੋਂ ਪਿੰਡ ਕਹਿਰੂ ਵਿਖੇ ਓਪਨ ਜਿਮ ਦਾ ਉਦਘਾਟਨ
ਨੌਜਵਾਨਾਂ ਨੂੰ ਨਸ਼ਿਆਂ ਤੋਂ ਬਚਾਉਣ ਲਈ ਖੇਡਾਂ ਵੱਲ ਪ੍ਰੇਰਿਤ ਕਰਨਾ ਜ਼ਰੂਰੀ-ਸਿਮਰਨਜੀਤ ਮਾਨ
ਸੰਗਰੂਰ, 17 ਜਨਵਰੀ (ਹਰਜੀਤ ਸਿੰਘ ਮਾਹਲ)- ਪਿੰਡ ਕਹਿਰੂ ਵਿਖੇ ਓਪਨ ਜਿਮ ਦਾ ਉਦਘਾਟਨ ਕੀਤਾ ਗਿਆ। ਇਸ ਮੌਕੇ ਬੋਲਦਿਆਂ ਉਨ੍ਹਾਂ ਕਿਹਾ ਕਿ ਨੌਜਵਾਨਾਂ ਨੂੰ ਨਸ਼ਿਆਂ ਤੋਂ ਦੂਰ ਰੱਖਣ ਲਈ ਖੇਡਾਂ ਵੱਲ ਪ੍ਰੇਰਿਤ ਕਰਨਾ ਬਹੁਤ ਜ਼ਰੂਰੀ ਹੈ। ਪਿੰਡ ਵਾਸੀਆਂ ਨੇ ਇਸ ਉਪਰਾਲੇ ਦੀ ਸ਼ਲਾਘਾ ਕੀਤੀ।
